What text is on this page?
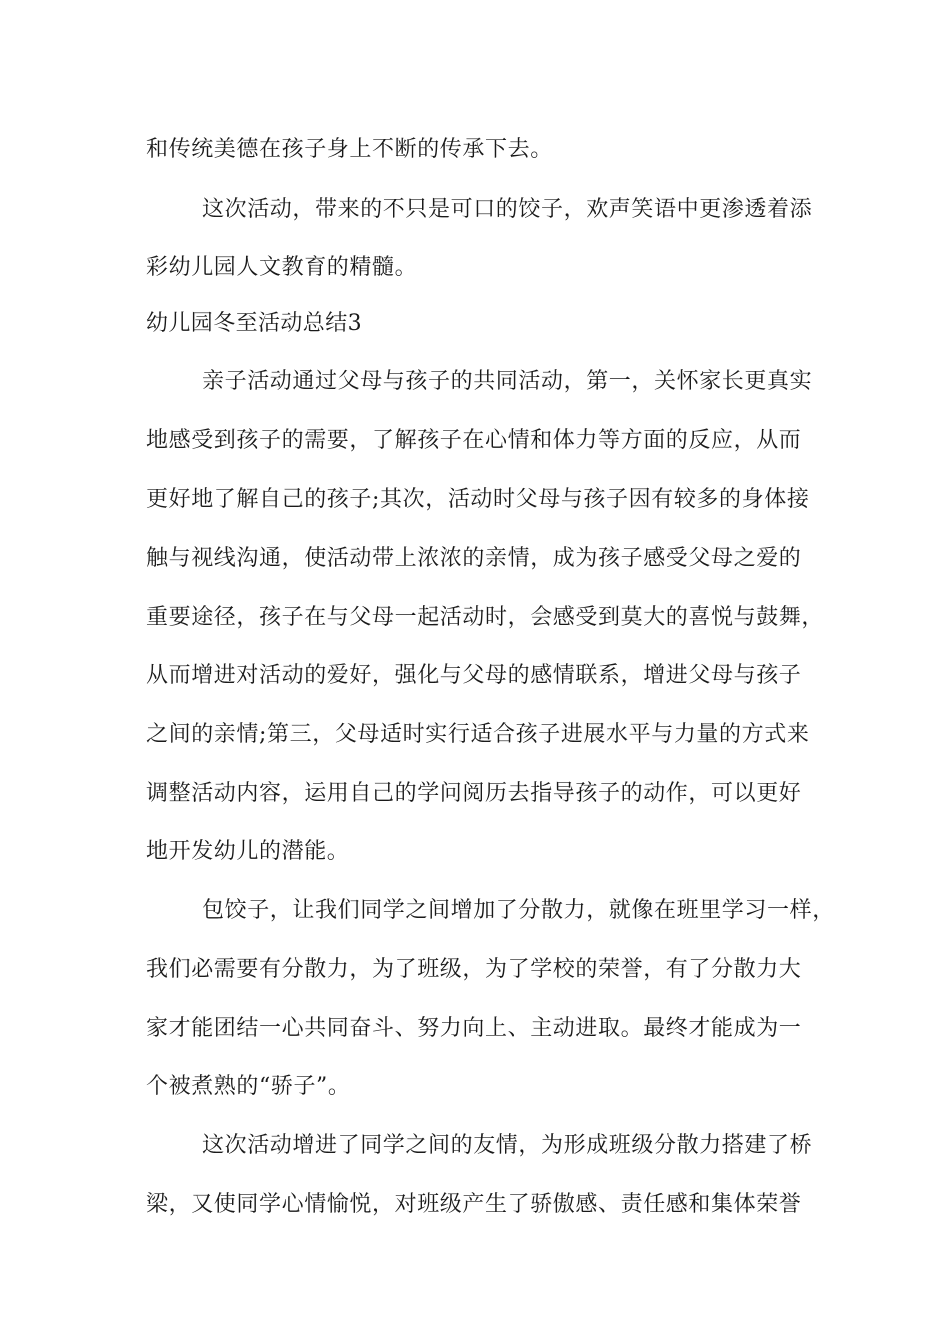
和传统美德在孩子身上不断的传承下去。
这次活动，带来的不只是可口的饺子，欢声笑语中更渗透着添
彩幼儿园人文教育的精髓。
幼儿园冬至活动总结3
亲子活动通过父母与孩子的共同活动，第一，关怀家长更真实
地感受到孩子的需要，了解孩子在心情和体力等方面的反应，从而
更好地了解自己的孩子;其次，活动时父母与孩子因有较多的身体接
触与视线沟通，使活动带上浓浓的亲情，成为孩子感受父母之爱的
重要途径，孩子在与父母一起活动时，会感受到莫大的喜悦与鼓舞，
从而增进对活动的爱好，强化与父母的感情联系，增进父母与孩子
之间的亲情;第三，父母适时实行适合孩子进展水平与力量的方式来
调整活动内容，运用自己的学问阅历去指导孩子的动作，可以更好
地开发幼儿的潜能。
包饺子，让我们同学之间增加了分散力，就像在班里学习一样，
我们必需要有分散力，为了班级，为了学校的荣誉，有了分散力大
家才能团结一心共同奋斗、努力向上、主动进取。最终才能成为一
个被煮熟的“骄子”。
这次活动增进了同学之间的友情，为形成班级分散力搭建了桥
梁，又使同学心情愉悦，对班级产生了骄傲感、责任感和集体荣誉
